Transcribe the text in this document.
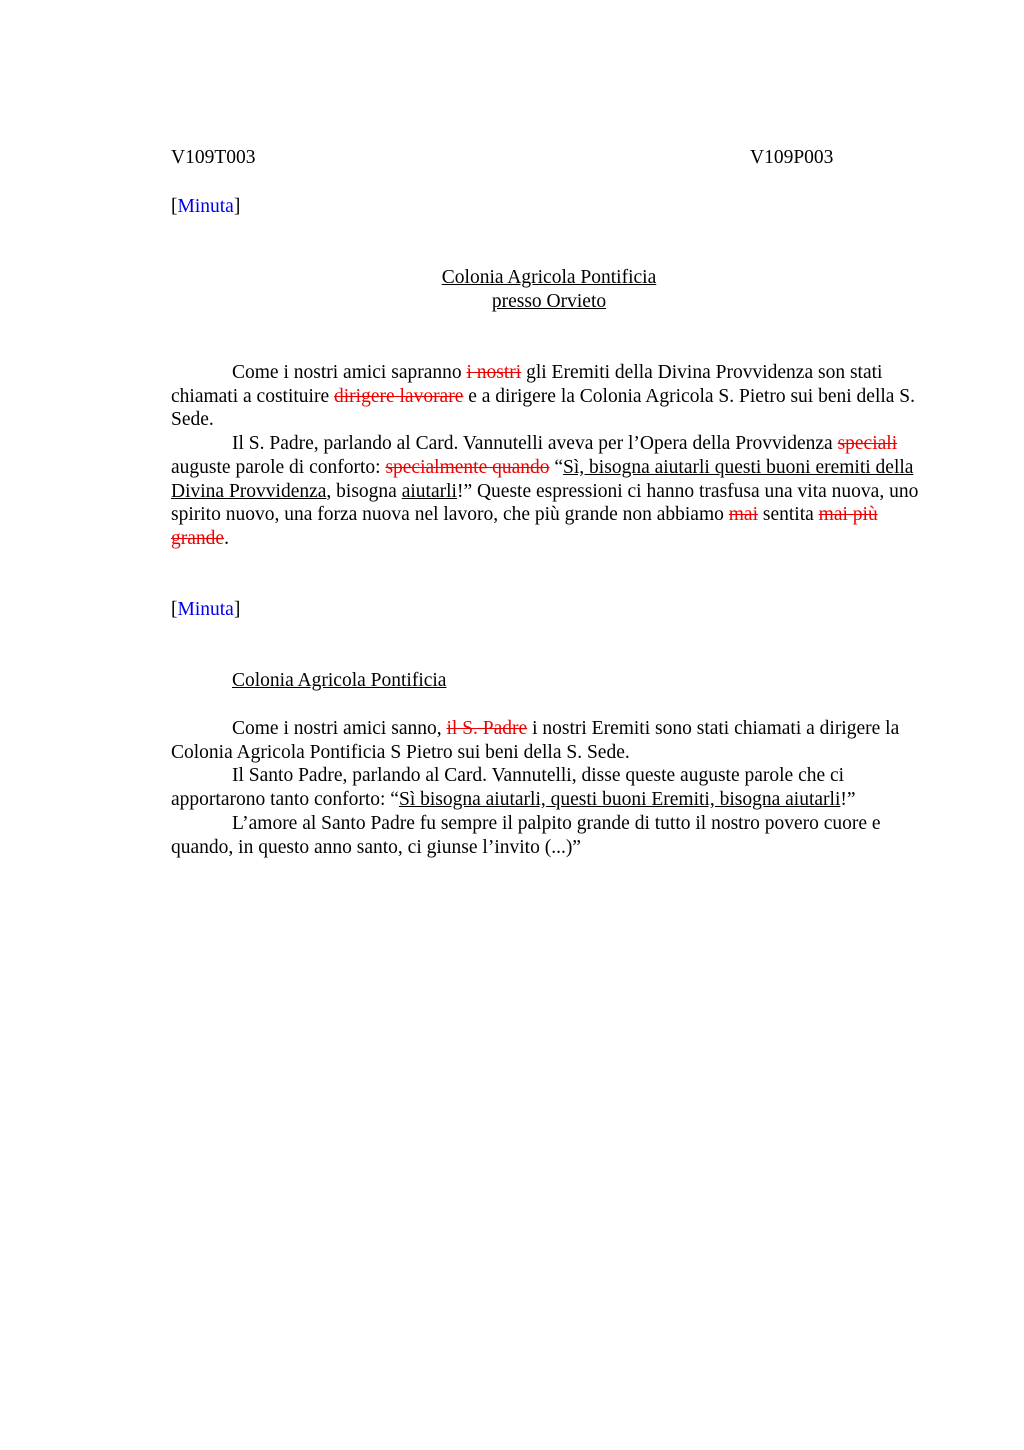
V109T003	V109P003
[Minuta]
Colonia Agricola Pontificia
presso Orvieto

Come i nostri amici sapranno i nostri gli Eremiti della Divina Provvidenza son stati chiamati a costituire dirigere lavorare e a dirigere la Colonia Agricola S. Pietro sui beni della S. Sede.

Il S. Padre, parlando al Card. Vannutelli aveva per l’Opera della Provvidenza speciali auguste parole di conforto: specialmente quando “Sì, bisogna aiutarli questi buoni eremiti della Divina Provvidenza, bisogna aiutarli!” Queste espressioni ci hanno trasfusa una vita nuova, uno spirito nuovo, una forza nuova nel lavoro, che più grande non abbiamo mai sentita mai più grande.

[Minuta]
Colonia Agricola Pontificia

Come i nostri amici sanno, il S. Padre i nostri Eremiti sono stati chiamati a dirigere la Colonia Agricola Pontificia S Pietro sui beni della S. Sede.

Il Santo Padre, parlando al Card. Vannutelli, disse queste auguste parole che ci apportarono tanto conforto: “Sì bisogna aiutarli, questi buoni Eremiti, bisogna aiutarli!”

L’amore al Santo Padre fu sempre il palpito grande di tutto il nostro povero cuore e quando, in questo anno santo, ci giunse l’invito (...)”
